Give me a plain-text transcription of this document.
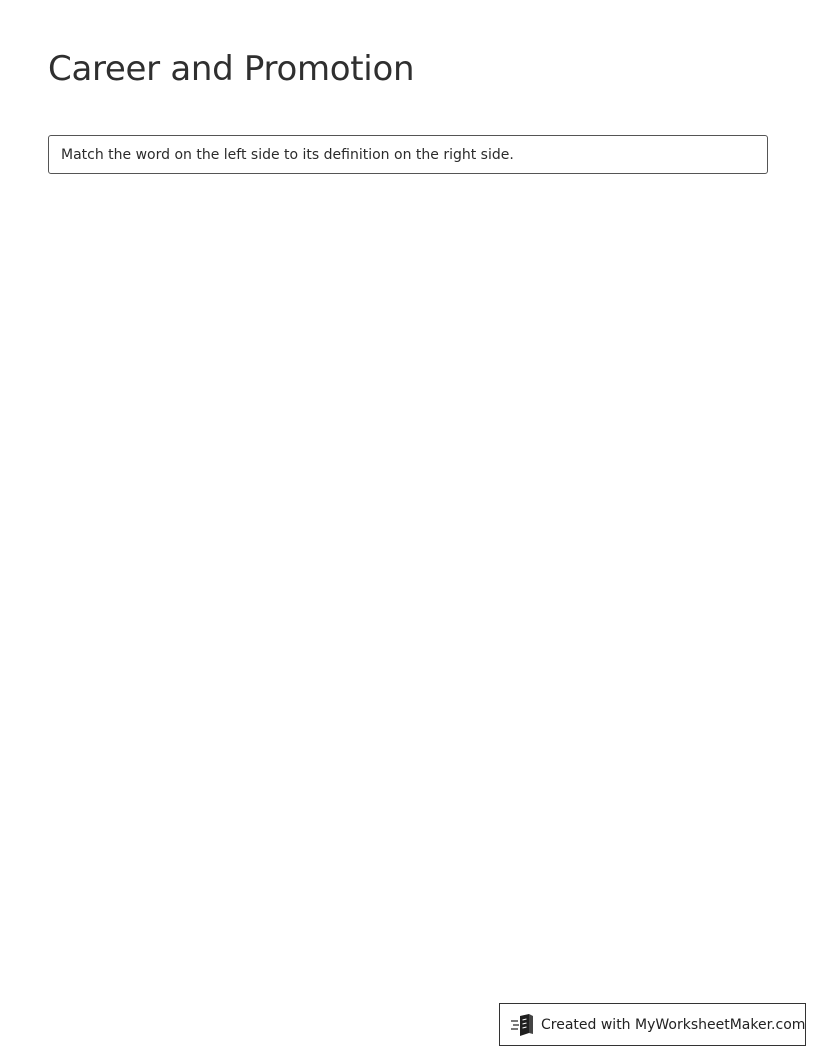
Career and Promotion
Match the word on the left side to its definition on the right side.
Created with MyWorksheetMaker.com
